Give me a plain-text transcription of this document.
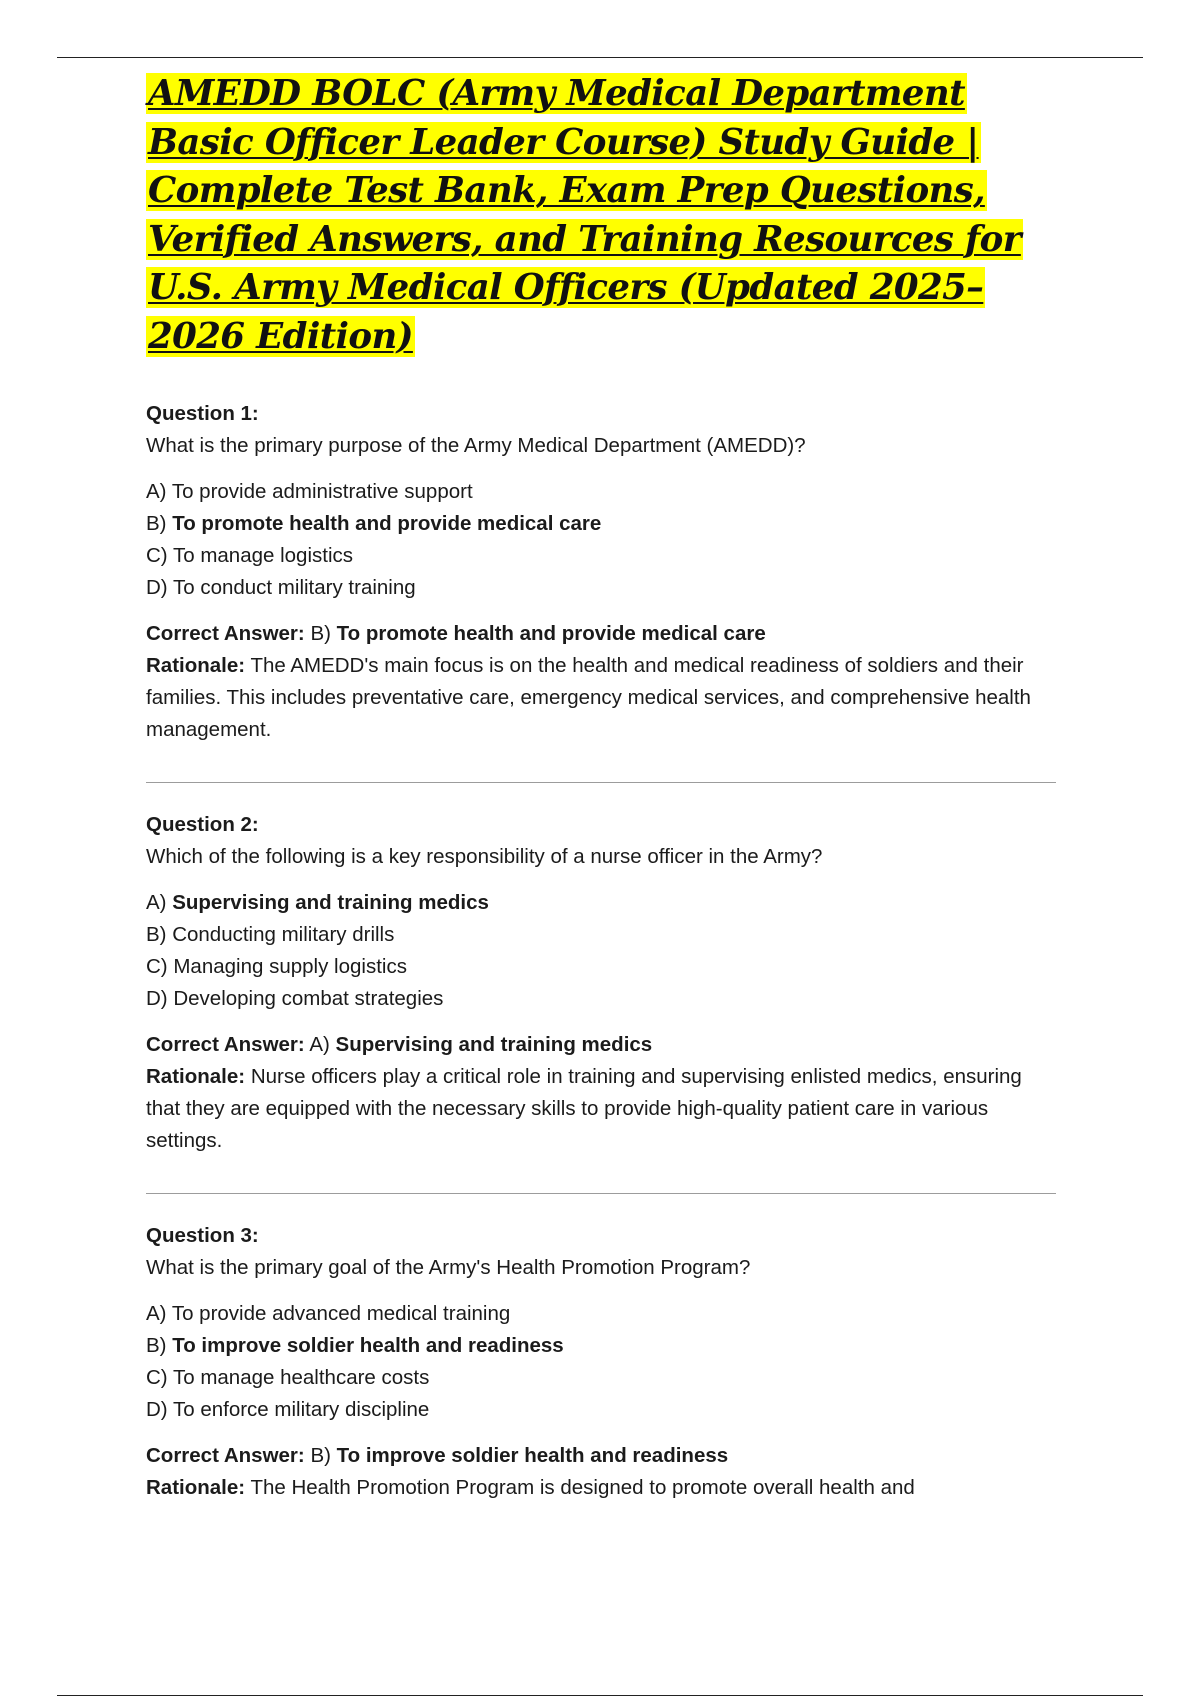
AMEDD BOLC (Army Medical Department Basic Officer Leader Course) Study Guide | Complete Test Bank, Exam Prep Questions, Verified Answers, and Training Resources for U.S. Army Medical Officers (Updated 2025–2026 Edition)

Question 1:

What is the primary purpose of the Army Medical Department (AMEDD)?

A) To provide administrative support
B) To promote health and provide medical care
C) To manage logistics
D) To conduct military training

Correct Answer: B) To promote health and provide medical care

Rationale: The AMEDD's main focus is on the health and medical readiness of soldiers and their families. This includes preventative care, emergency medical services, and comprehensive health management.

Question 2:

Which of the following is a key responsibility of a nurse officer in the Army?

A) Supervising and training medics
B) Conducting military drills
C) Managing supply logistics
D) Developing combat strategies

Correct Answer: A) Supervising and training medics

Rationale: Nurse officers play a critical role in training and supervising enlisted medics, ensuring that they are equipped with the necessary skills to provide high-quality patient care in various settings.

Question 3:

What is the primary goal of the Army's Health Promotion Program?

A) To provide advanced medical training
B) To improve soldier health and readiness
C) To manage healthcare costs
D) To enforce military discipline

Correct Answer: B) To improve soldier health and readiness

Rationale: The Health Promotion Program is designed to promote overall health and
